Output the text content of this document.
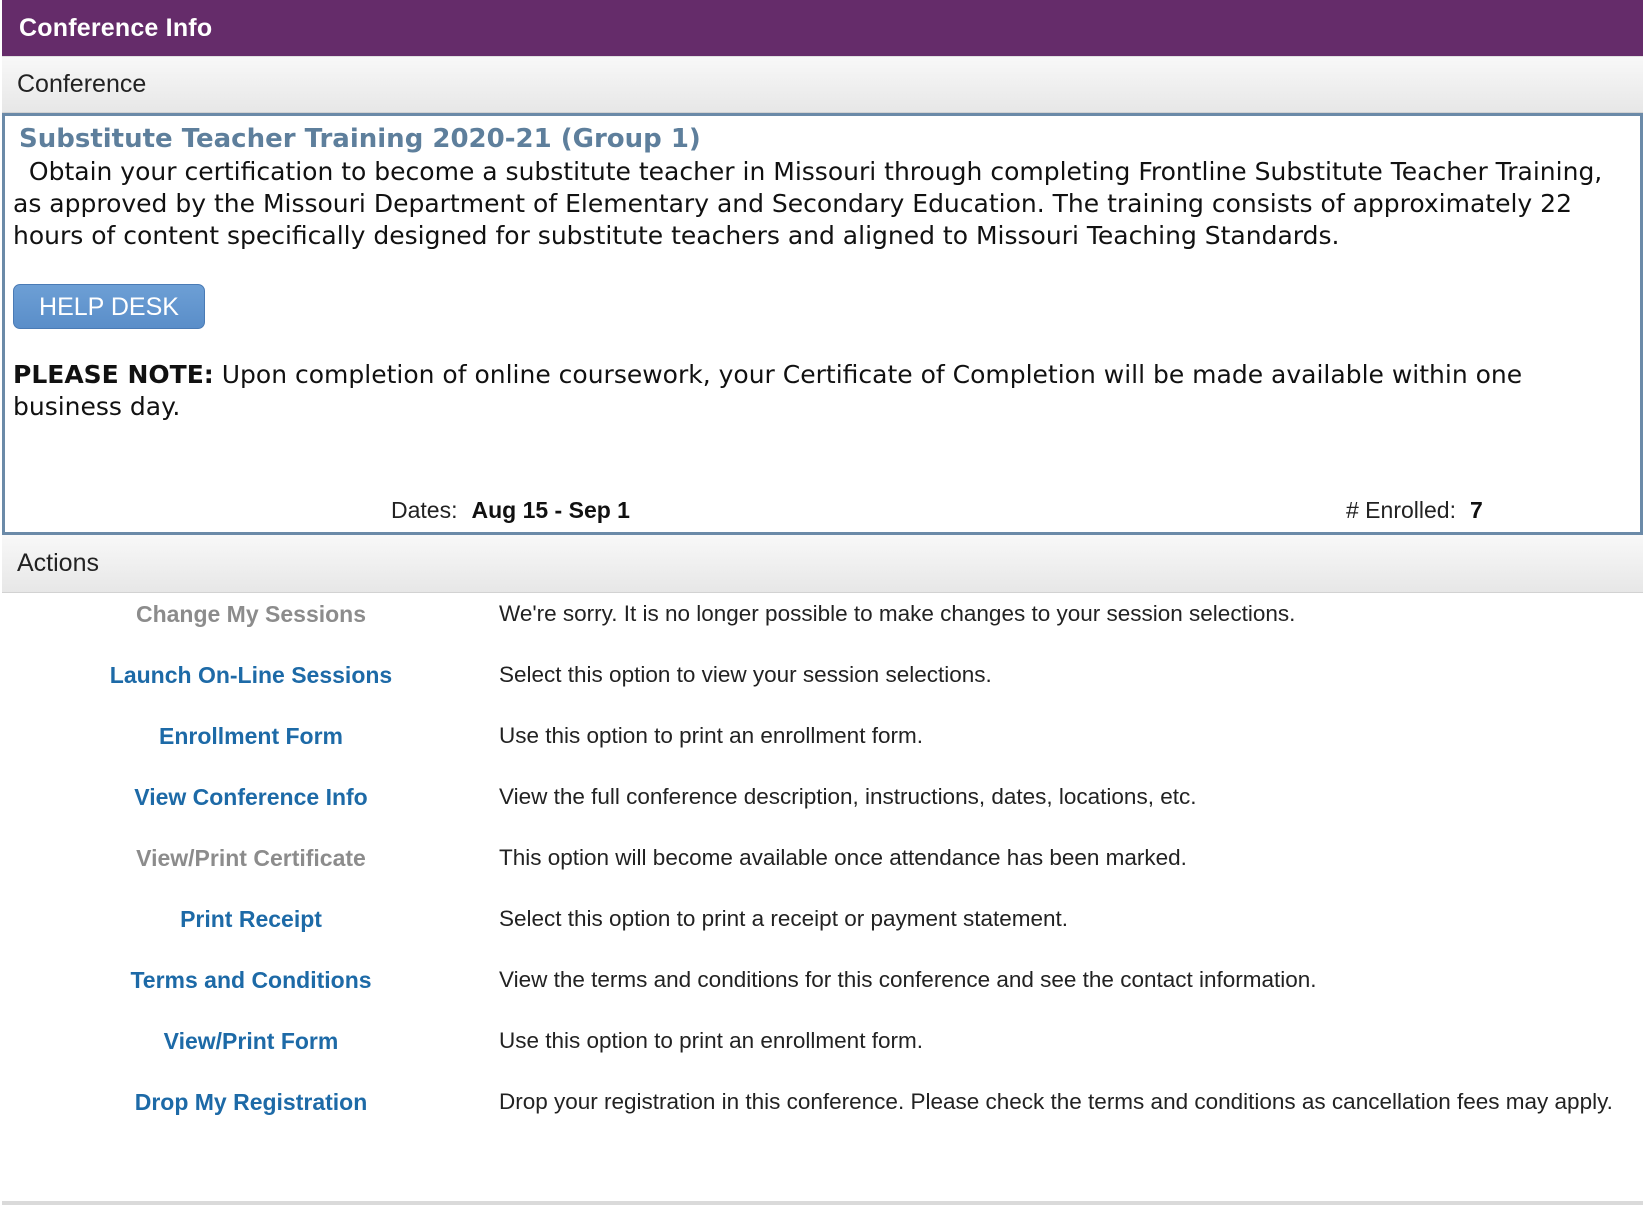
Conference Info
Conference
Substitute Teacher Training 2020-21 (Group 1)
Obtain your certification to become a substitute teacher in Missouri through completing Frontline Substitute Teacher Training, as approved by the Missouri Department of Elementary and Secondary Education. The training consists of approximately 22 hours of content specifically designed for substitute teachers and aligned to Missouri Teaching Standards.
HELP DESK
PLEASE NOTE: Upon completion of online coursework, your Certificate of Completion will be made available within one business day.
Dates: Aug 15 - Sep 1	# Enrolled: 7
Actions
Change My Sessions	We're sorry. It is no longer possible to make changes to your session selections.
Launch On-Line Sessions	Select this option to view your session selections.
Enrollment Form	Use this option to print an enrollment form.
View Conference Info	View the full conference description, instructions, dates, locations, etc.
View/Print Certificate	This option will become available once attendance has been marked.
Print Receipt	Select this option to print a receipt or payment statement.
Terms and Conditions	View the terms and conditions for this conference and see the contact information.
View/Print Form	Use this option to print an enrollment form.
Drop My Registration	Drop your registration in this conference. Please check the terms and conditions as cancellation fees may apply.
